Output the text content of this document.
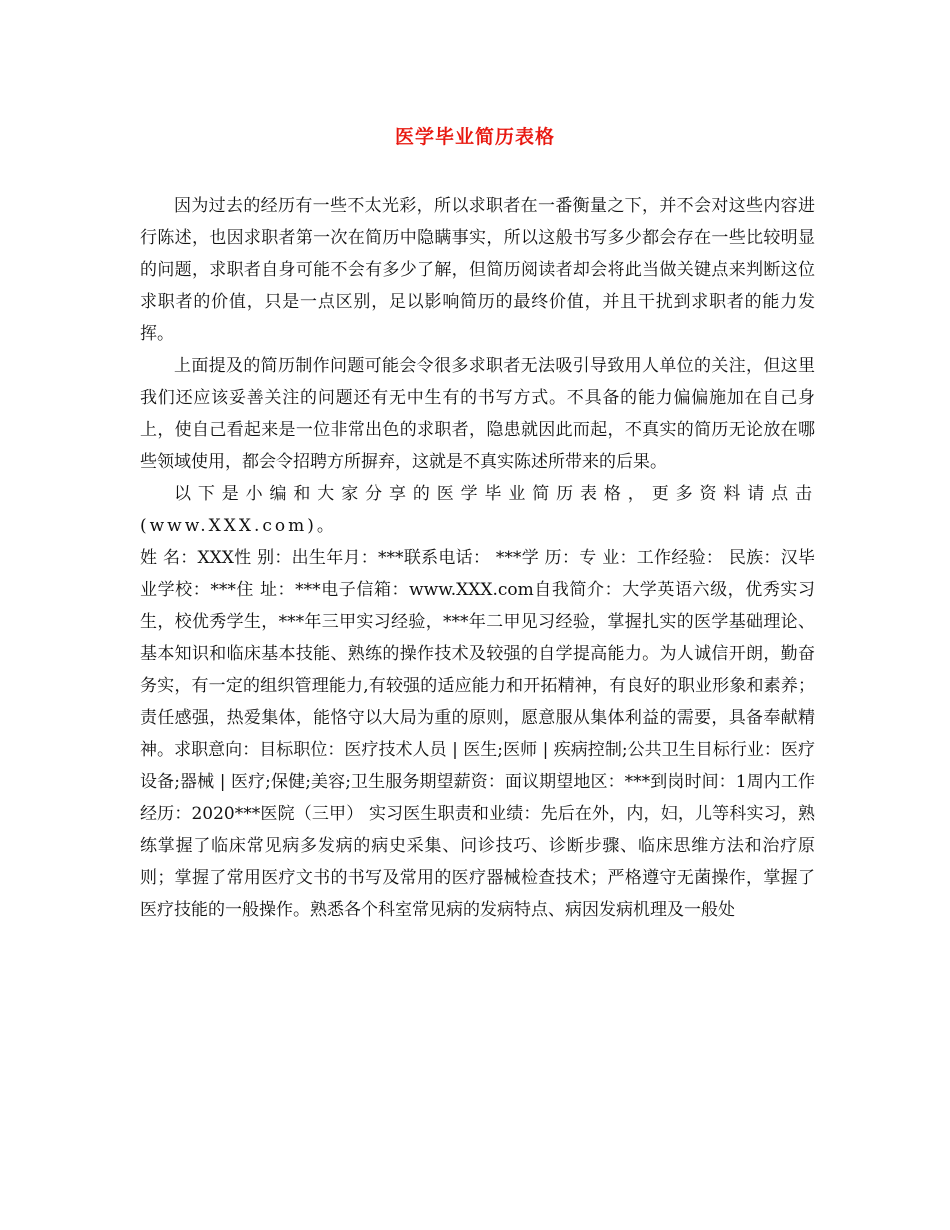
医学毕业简历表格

因为过去的经历有一些不太光彩，所以求职者在一番衡量之下，并不会对这些内容进行陈述，也因求职者第一次在简历中隐瞒事实，所以这般书写多少都会存在一些比较明显的问题，求职者自身可能不会有多少了解，但简历阅读者却会将此当做关键点来判断这位求职者的价值，只是一点区别，足以影响简历的最终价值，并且干扰到求职者的能力发挥。

上面提及的简历制作问题可能会令很多求职者无法吸引导致用人单位的关注，但这里我们还应该妥善关注的问题还有无中生有的书写方式。不具备的能力偏偏施加在自己身上，使自己看起来是一位非常出色的求职者，隐患就因此而起，不真实的简历无论放在哪些领域使用，都会令招聘方所摒弃，这就是不真实陈述所带来的后果。

以下是小编和大家分享的医学毕业简历表格，更多资料请点击(www.XXX.com)。

姓 名：XXX性 别：出生年月：***联系电话： ***学 历：专 业：工作经验： 民族：汉毕业学校：***住 址：***电子信箱：www.XXX.com自我简介：大学英语六级，优秀实习生，校优秀学生，***年三甲实习经验，***年二甲见习经验，掌握扎实的医学基础理论、基本知识和临床基本技能、熟练的操作技术及较强的自学提高能力。为人诚信开朗，勤奋务实，有一定的组织管理能力,有较强的适应能力和开拓精神，有良好的职业形象和素养；责任感强，热爱集体，能恪守以大局为重的原则，愿意服从集体利益的需要，具备奉献精神。求职意向：目标职位：医疗技术人员 | 医生;医师 | 疾病控制;公共卫生目标行业：医疗设备;器械 | 医疗;保健;美容;卫生服务期望薪资：面议期望地区：***到岗时间：1周内工作经历：2020***医院（三甲） 实习医生职责和业绩：先后在外，内，妇，儿等科实习，熟练掌握了临床常见病多发病的病史采集、问诊技巧、诊断步骤、临床思维方法和治疗原则；掌握了常用医疗文书的书写及常用的医疗器械检查技术；严格遵守无菌操作，掌握了医疗技能的一般操作。熟悉各个科室常见病的发病特点、病因发病机理及一般处
